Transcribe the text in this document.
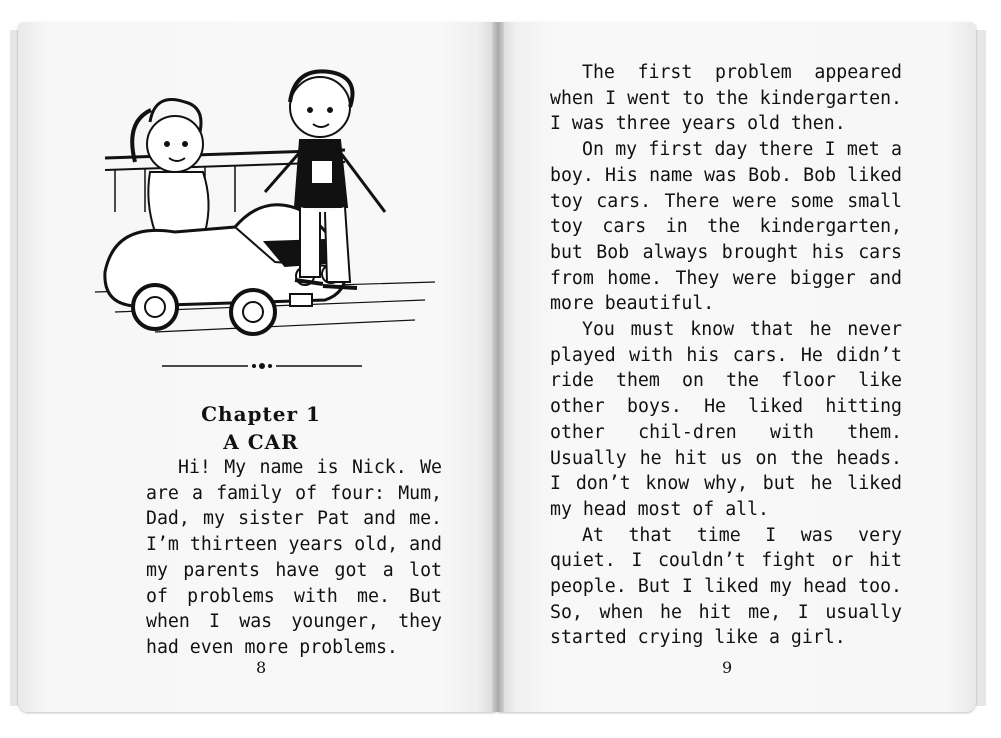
Chapter 1
A CAR

Hi! My name is Nick. We are a family of four: Mum, Dad, my sister Pat and me. I’m thirteen years old, and my parents have got a lot of problems with me. But when I was younger, they had even more problems.

The first problem appeared when I went to the kindergarten. I was three years old then.

On my first day there I met a boy. His name was Bob. Bob liked toy cars. There were some small toy cars in the kindergarten, but Bob always brought his cars from home. They were bigger and more beautiful.

You must know that he never played with his cars. He didn’t ride them on the floor like other boys. He liked hitting other chil-dren with them. Usually he hit us on the heads. I don’t know why, but he liked my head most of all.

At that time I was very quiet. I couldn’t fight or hit people. But I liked my head too. So, when he hit me, I usually started crying like a girl.

8	9
